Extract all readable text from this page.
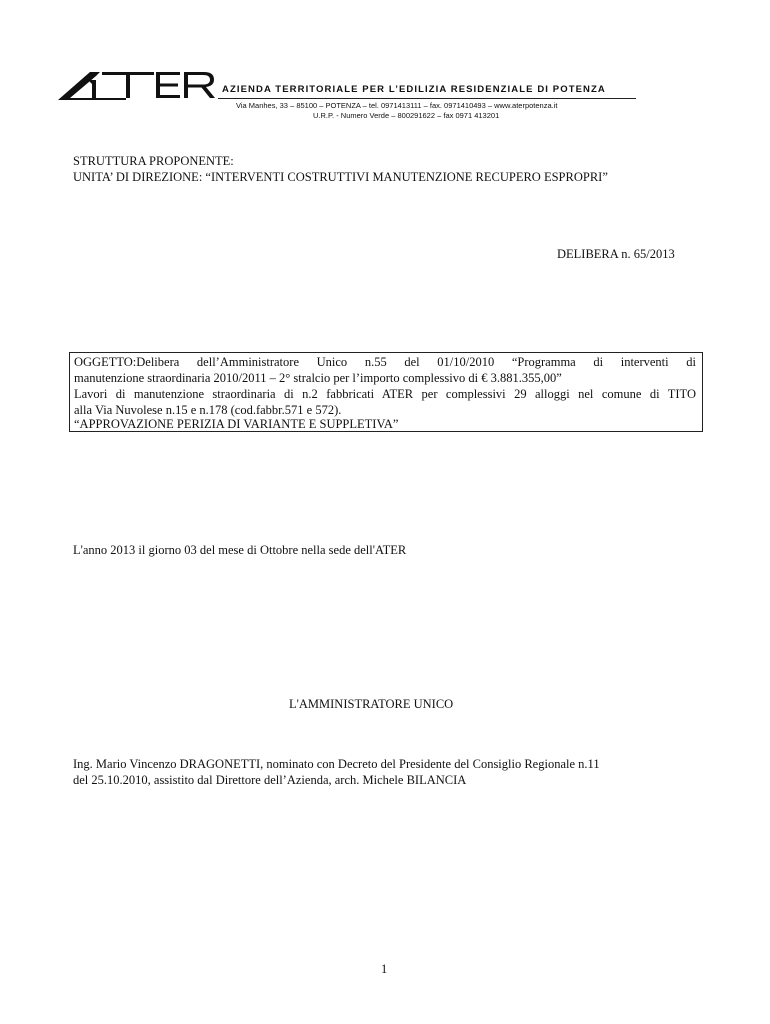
AZIENDA TERRITORIALE PER L’EDILIZIA RESIDENZIALE DI POTENZA
Via Manhes, 33 – 85100 – POTENZA – tel. 0971413111 – fax. 0971410493 – www.aterpotenza.it
U.R.P. - Numero Verde – 800291622 – fax 0971 413201
STRUTTURA PROPONENTE:
UNITA’ DI DIREZIONE: “INTERVENTI COSTRUTTIVI MANUTENZIONE RECUPERO ESPROPRI”
DELIBERA n. 65/2013
OGGETTO:Delibera dell’Amministratore Unico n.55 del 01/10/2010 “Programma di interventi di
manutenzione straordinaria 2010/2011 – 2° stralcio per l’importo complessivo di € 3.881.355,00”
Lavori di manutenzione straordinaria di n.2 fabbricati ATER per complessivi 29 alloggi nel comune di TITO
alla Via Nuvolese n.15 e n.178 (cod.fabbr.571 e 572).
“APPROVAZIONE PERIZIA DI VARIANTE E SUPPLETIVA”
L'anno 2013 il giorno 03 del mese di Ottobre nella sede dell'ATER
L'AMMINISTRATORE UNICO
Ing. Mario Vincenzo DRAGONETTI, nominato con Decreto del Presidente del Consiglio Regionale n.11
del 25.10.2010, assistito dal Direttore dell’Azienda, arch. Michele BILANCIA
1
